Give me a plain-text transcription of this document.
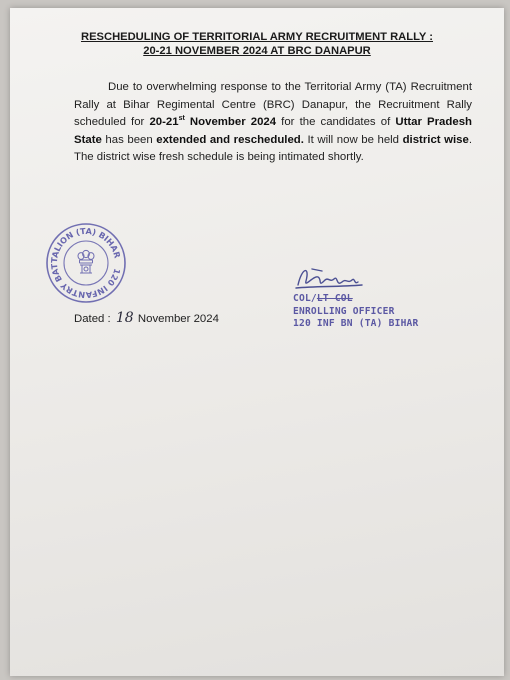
RESCHEDULING OF TERRITORIAL ARMY RECRUITMENT RALLY :
20-21 NOVEMBER 2024 AT BRC DANAPUR

Due to overwhelming response to the Territorial Army (TA) Recruitment Rally at Bihar Regimental Centre (BRC) Danapur, the Recruitment Rally scheduled for 20-21st November 2024 for the candidates of Uttar Pradesh State has been extended and rescheduled. It will now be held district wise. The district wise fresh schedule is being intimated shortly.

120 INFANTRY BATTALION (TA) BIHAR
COL/LT COL
ENROLLING OFFICER
120 INF BN (TA) BIHAR
Dated : 18 November 2024
